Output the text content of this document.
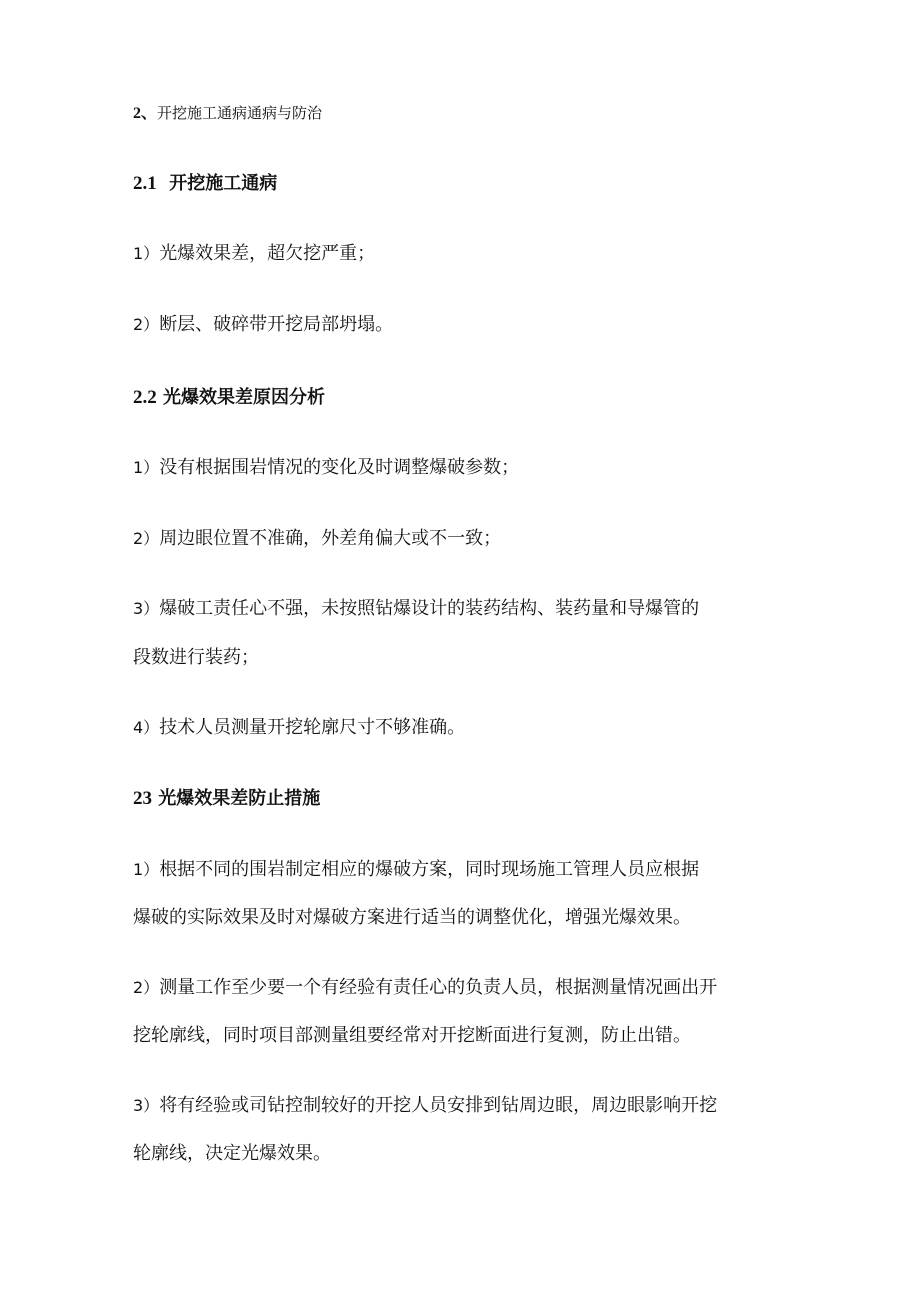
2、开挖施工通病通病与防治
2.1 开挖施工通病
1）光爆效果差，超欠挖严重；
2）断层、破碎带开挖局部坍塌。
2.2 光爆效果差原因分析
1）没有根据围岩情况的变化及时调整爆破参数；
2）周边眼位置不准确，外差角偏大或不一致；
3）爆破工责任心不强，未按照钻爆设计的装药结构、装药量和导爆管的
段数进行装药；
4）技术人员测量开挖轮廓尺寸不够准确。
23 光爆效果差防止措施
1）根据不同的围岩制定相应的爆破方案，同时现场施工管理人员应根据
爆破的实际效果及时对爆破方案进行适当的调整优化，增强光爆效果。
2）测量工作至少要一个有经验有责任心的负责人员，根据测量情况画出开
挖轮廓线，同时项目部测量组要经常对开挖断面进行复测，防止出错。
3）将有经验或司钻控制较好的开挖人员安排到钻周边眼，周边眼影响开挖
轮廓线，决定光爆效果。
